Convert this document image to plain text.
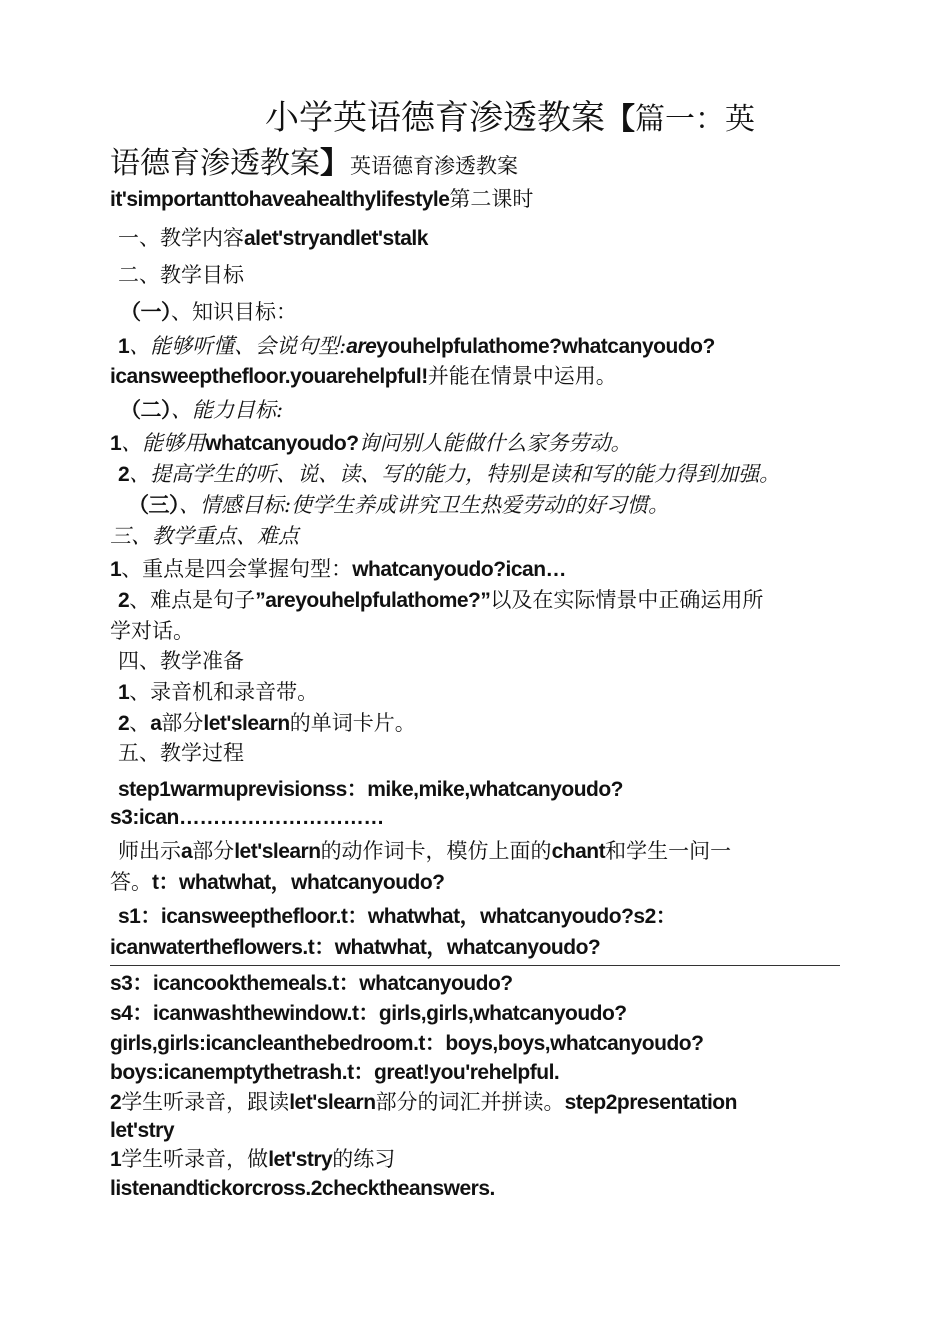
小学英语德育渗透教案【篇一：英
语德育渗透教案】英语德育渗透教案
it'simportanttohaveahealthylifestyle第二课时
一、教学内容alet'stryandlet'stalk
二、教学目标
（一）、知识目标：
1、能够听懂、会说句型:areyouhelpfulathome?whatcanyoudo?
icansweepthefloor.youarehelpful!并能在情景中运用。
（二）、能力目标:
1、能够用whatcanyoudo?询问别人能做什么家务劳动。
2、提高学生的听、说、读、写的能力，特别是读和写的能力得到加强。
（三）、情感目标:使学生养成讲究卫生热爱劳动的好习惯。
三、教学重点、难点
1、重点是四会掌握句型：whatcanyoudo?ican…
2、难点是句子”areyouhelpfulathome?”以及在实际情景中正确运用所
学对话。
四、教学准备
1、录音机和录音带。
2、a部分let'slearn的单词卡片。
五、教学过程
step1warmuprevisionss：mike,mike,whatcanyoudo?
s3:ican…………………………
师出示a部分let'slearn的动作词卡，模仿上面的chant和学生一问一
答。t：whatwhat，whatcanyoudo?
s1：icansweepthefloor.t：whatwhat，whatcanyoudo?s2：
icanwatertheflowers.t：whatwhat，whatcanyoudo?
s3：icancookthemeals.t：whatcanyoudo?
s4：icanwashthewindow.t：girls,girls,whatcanyoudo?
girls,girls:icancleanthebedroom.t：boys,boys,whatcanyoudo?
boys:icanemptythetrash.t：great!you'rehelpful.
2学生听录音，跟读let'slearn部分的词汇并拼读。step2presentation
let'stry
1学生听录音，做let'stry的练习
listenandtickorcross.2checktheanswers.
